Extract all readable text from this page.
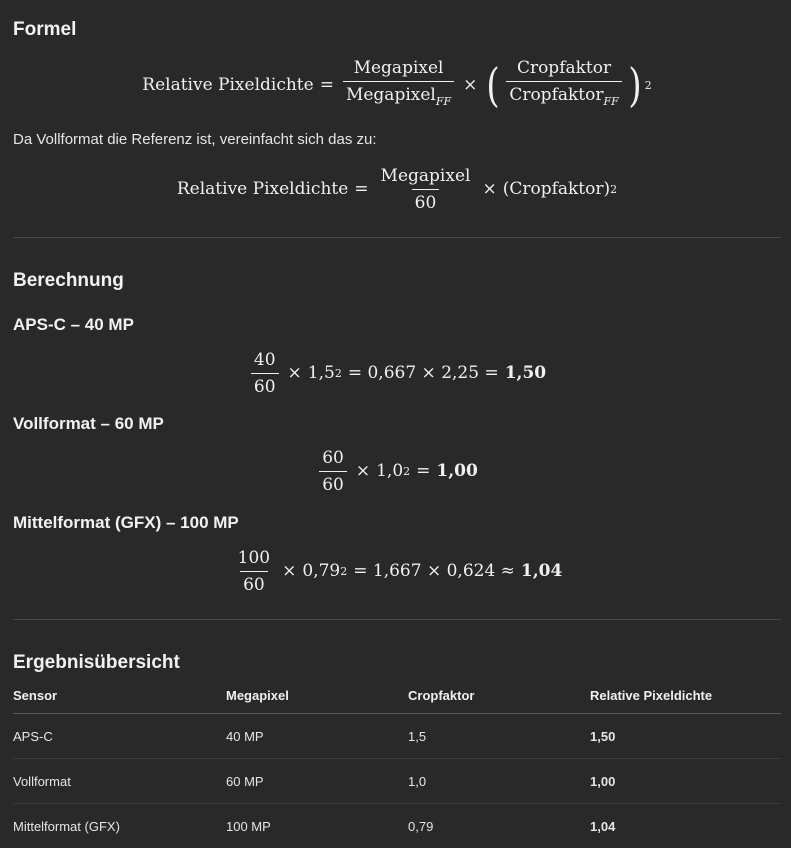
Formel
Relative Pixeldichte = $\frac{\text{Megapixel}}{Megapixel_{FF}}$ × ( $\frac{\text{Cropfaktor}}{Cropfaktor_{FF}}$ ) 2

Da Vollformat die Referenz ist, vereinfacht sich das zu:

Relative Pixeldichte = $\frac{\text{Megapixel}}{60}$ × (Cropfaktor) 2
Berechnung
APS-C – 40 MP
$\frac{40}{60} \times 1,5$ 2 = 0,667 × 2,25 = 1,50
Vollformat – 60 MP
$\frac{60}{60} \times 1,0$ 2 = 1,00
Mittelformat (GFX) – 100 MP
$\frac{100}{60} \times 0,79$ 2 = 1,667 × 0,624 ≈ 1,04
Ergebnisübersicht
Sensor	Megapixel	Cropfaktor	Relative Pixeldichte
APS-C	40 MP	1,5	1,50
Vollformat	60 MP	1,0	1,00
Mittelformat (GFX)	100 MP	0,79	1,04
